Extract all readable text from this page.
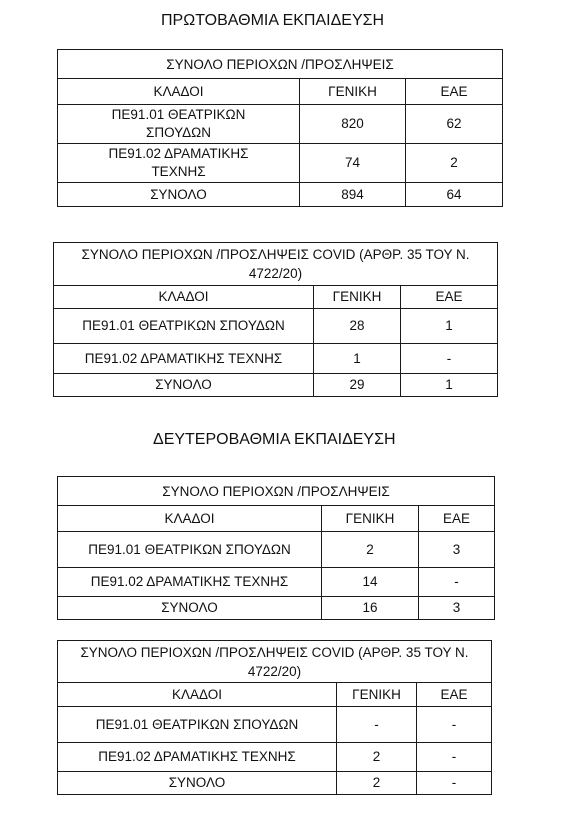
ΠΡΩΤΟΒΑΘΜΙΑ ΕΚΠΑΙΔΕΥΣΗ
ΣΥΝΟΛΟ ΠΕΡΙΟΧΩΝ /ΠΡΟΣΛΗΨΕΙΣ		
ΚΛΑΔΟΙ	ΓΕΝΙΚΗ	ΕΑΕ
ΠΕ91.01 ΘΕΑΤΡΙΚΩΝ ΣΠΟΥΔΩΝ	820	62
ΠΕ91.02 ΔΡΑΜΑΤΙΚΗΣ ΤΕΧΝΗΣ	74	2
ΣΥΝΟΛΟ	894	64
ΣΥΝΟΛΟ ΠΕΡΙΟΧΩΝ /ΠΡΟΣΛΗΨΕΙΣ COVID (ΑΡΘΡ. 35 ΤΟΥ Ν. 4722/20)		
ΚΛΑΔΟΙ	ΓΕΝΙΚΗ	ΕΑΕ
ΠΕ91.01 ΘΕΑΤΡΙΚΩΝ ΣΠΟΥΔΩΝ	28	1
ΠΕ91.02 ΔΡΑΜΑΤΙΚΗΣ ΤΕΧΝΗΣ	1	-
ΣΥΝΟΛΟ	29	1
ΔΕΥΤΕΡΟΒΑΘΜΙΑ ΕΚΠΑΙΔΕΥΣΗ
ΣΥΝΟΛΟ ΠΕΡΙΟΧΩΝ /ΠΡΟΣΛΗΨΕΙΣ		
ΚΛΑΔΟΙ	ΓΕΝΙΚΗ	ΕΑΕ
ΠΕ91.01 ΘΕΑΤΡΙΚΩΝ ΣΠΟΥΔΩΝ	2	3
ΠΕ91.02 ΔΡΑΜΑΤΙΚΗΣ ΤΕΧΝΗΣ	14	-
ΣΥΝΟΛΟ	16	3
ΣΥΝΟΛΟ ΠΕΡΙΟΧΩΝ /ΠΡΟΣΛΗΨΕΙΣ COVID (ΑΡΘΡ. 35 ΤΟΥ Ν. 4722/20)		
ΚΛΑΔΟΙ	ΓΕΝΙΚΗ	ΕΑΕ
ΠΕ91.01 ΘΕΑΤΡΙΚΩΝ ΣΠΟΥΔΩΝ	-	-
ΠΕ91.02 ΔΡΑΜΑΤΙΚΗΣ ΤΕΧΝΗΣ	2	-
ΣΥΝΟΛΟ	2	-
